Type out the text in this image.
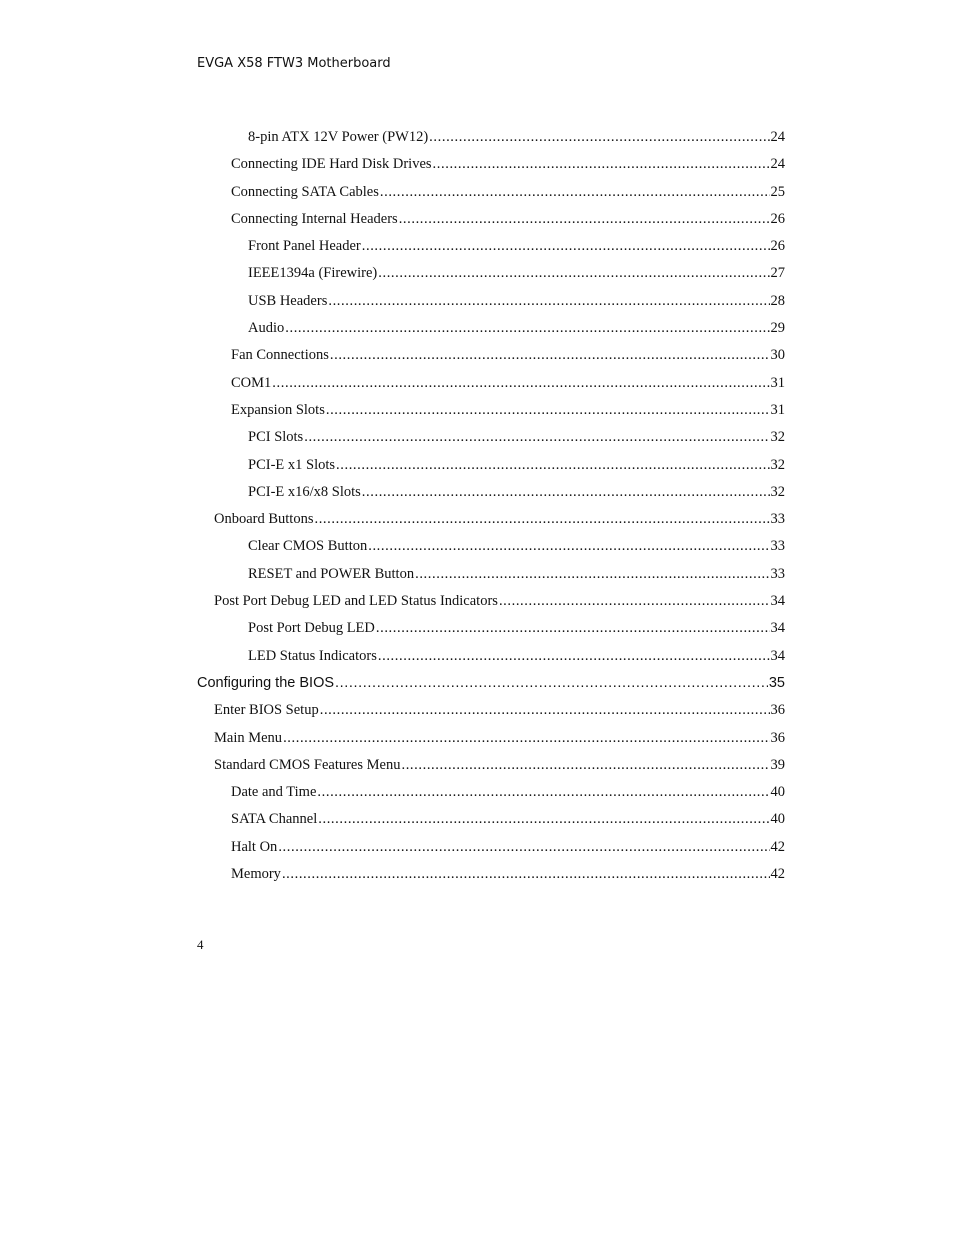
EVGA X58 FTW3 Motherboard
8-pin ATX 12V Power (PW12) .....	24
Connecting IDE Hard Disk Drives .....	24
Connecting SATA Cables .....	25
Connecting Internal Headers .....	26
Front Panel Header .....	26
IEEE1394a (Firewire) .....	27
USB Headers .....	28
Audio .....	29
Fan Connections .....	30
COM1 .....	31
Expansion Slots .....	31
PCI Slots .....	32
PCI-E x1 Slots .....	32
PCI-E x16/x8 Slots .....	32
Onboard Buttons .....	33
Clear CMOS Button .....	33
RESET and POWER Button .....	33
Post Port Debug LED and LED Status Indicators .....	34
Post Port Debug LED .....	34
LED Status Indicators .....	34
Configuring the BIOS .....	35
Enter BIOS Setup .....	36
Main Menu .....	36
Standard CMOS Features Menu .....	39
Date and Time .....	40
SATA Channel .....	40
Halt On .....	42
Memory .....	42
4
